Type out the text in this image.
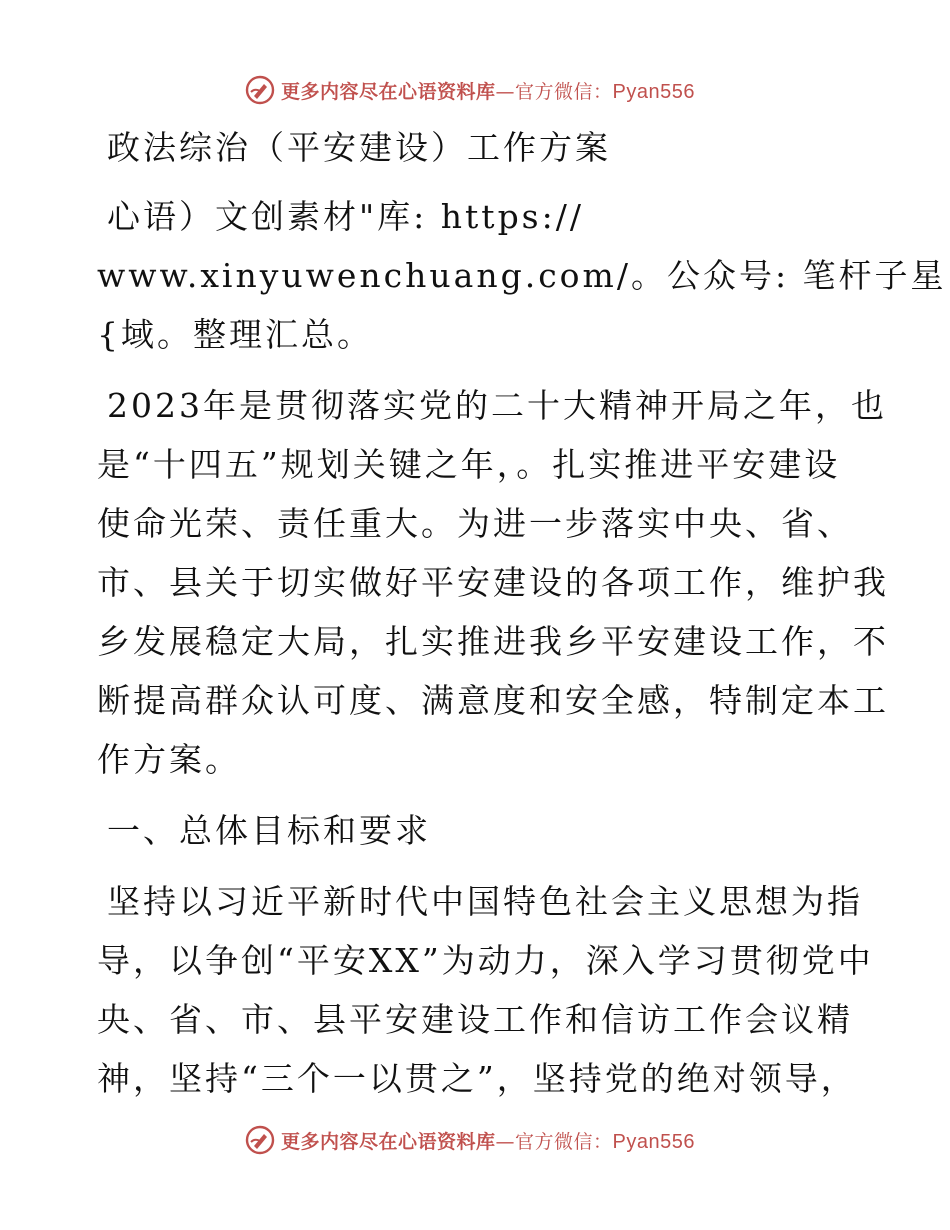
更多内容尽在心语资料库—官方微信：Pyan556
政法综治（平安建设）工作方案
心语）文创素材"库: https://
www.xinyuwenchuang.com/。公众号: 笔杆子星
{域。整理汇总。
2023年是贯彻落实党的二十大精神开局之年，也
是“十四五”规划关键之年，。扎实推进平安建设
使命光荣、责任重大。为进一步落实中央、省、
市、县关于切实做好平安建设的各项工作，维护我
乡发展稳定大局，扎实推进我乡平安建设工作，不
断提高群众认可度、满意度和安全感，特制定本工
作方案。
一、总体目标和要求
坚持以习近平新时代中国特色社会主义思想为指
导，以争创“平安XX”为动力，深入学习贯彻党中
央、省、市、县平安建设工作和信访工作会议精
神，坚持“三个一以贯之”，坚持党的绝对领导，
更多内容尽在心语资料库—官方微信：Pyan556
